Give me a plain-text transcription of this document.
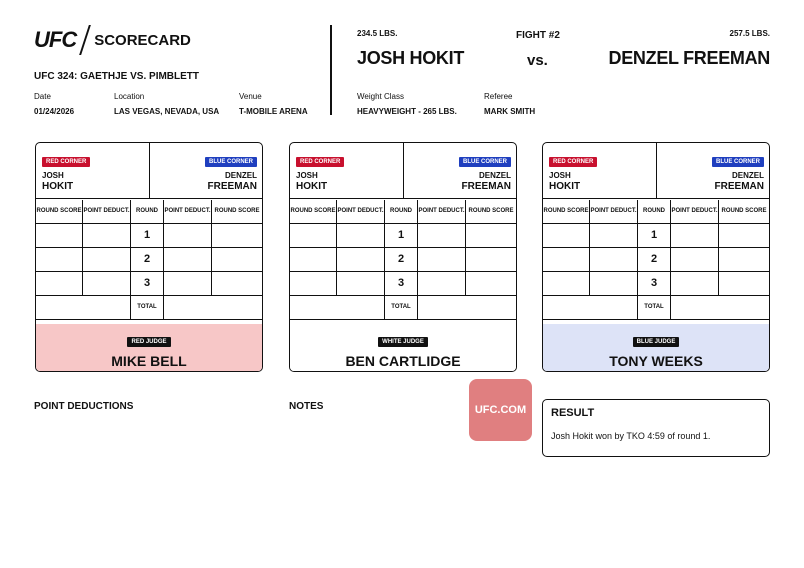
UFC SCORECARD
UFC 324: GAETHJE VS. PIMBLETT
Date
01/24/2026
Location
LAS VEGAS, NEVADA, USA
Venue
T-MOBILE ARENA
234.5 LBS.	FIGHT #2	257.5 LBS.
JOSH HOKIT	vs.	DENZEL FREEMAN
Weight Class
HEAVYWEIGHT - 265 LBS.
Referee
MARK SMITH
RED CORNER
JOSH
HOKIT
BLUE CORNER
DENZEL
FREEMAN
ROUND SCORE POINT DEDUCT.	ROUND	POINT DEDUCT. ROUND SCORE
1
2
3
TOTAL
RED JUDGE
MIKE BELL
RED CORNER
JOSH
HOKIT
BLUE CORNER
DENZEL
FREEMAN
ROUND SCORE POINT DEDUCT.	ROUND	POINT DEDUCT. ROUND SCORE
1
2
3
TOTAL
WHITE JUDGE
BEN CARTLIDGE
RED CORNER
JOSH
HOKIT
BLUE CORNER
DENZEL
FREEMAN
ROUND SCORE POINT DEDUCT.	ROUND	POINT DEDUCT. ROUND SCORE
1
2
3
TOTAL
BLUE JUDGE
TONY WEEKS
POINT DEDUCTIONS	NOTES	UFC.COM RESULT
Josh Hokit won by TKO 4:59 of round 1.
